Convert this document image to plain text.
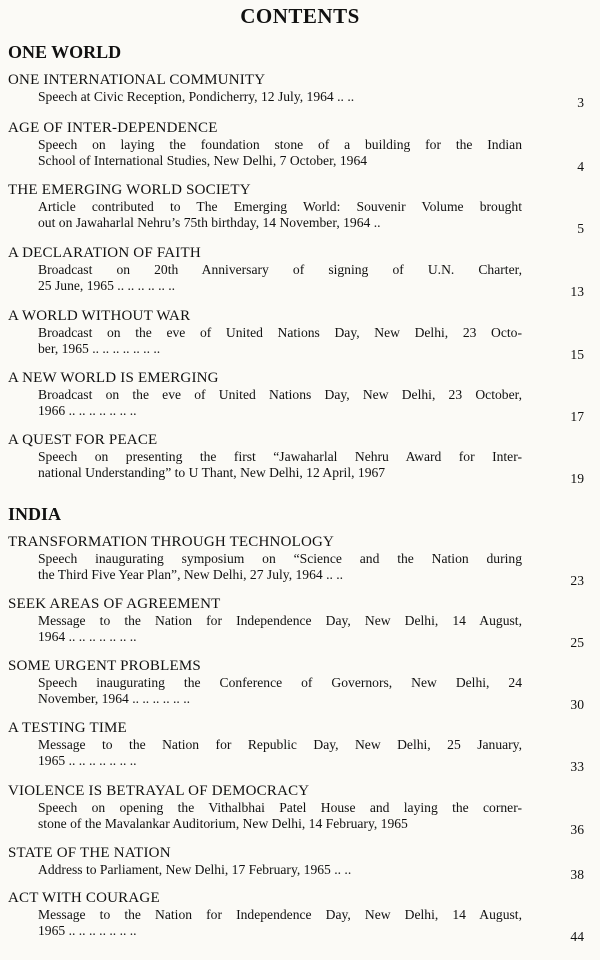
CONTENTS
ONE WORLD
ONE INTERNATIONAL COMMUNITY
Speech at Civic Reception, Pondicherry, 12 July, 1964 .. ..	3
AGE OF INTER-DEPENDENCE
Speech on laying the foundation stone of a building for the Indian
School of International Studies, New Delhi, 7 October, 1964	4
THE EMERGING WORLD SOCIETY
Article contributed to The Emerging World: Souvenir Volume brought
out on Jawaharlal Nehru’s 75th birthday, 14 November, 1964 ..	5
A DECLARATION OF FAITH
Broadcast on 20th Anniversary of signing of U.N. Charter,
25 June, 1965 .. .. .. .. .. ..	13
A WORLD WITHOUT WAR
Broadcast on the eve of United Nations Day, New Delhi, 23 Octo-
ber, 1965 .. .. .. .. .. .. ..	15
A NEW WORLD IS EMERGING
Broadcast on the eve of United Nations Day, New Delhi, 23 October,
1966 .. .. .. .. .. .. ..	17
A QUEST FOR PEACE
Speech on presenting the first “Jawaharlal Nehru Award for Inter-
national Understanding” to U Thant, New Delhi, 12 April, 1967	19
INDIA
TRANSFORMATION THROUGH TECHNOLOGY
Speech inaugurating symposium on “Science and the Nation during
the Third Five Year Plan”, New Delhi, 27 July, 1964 .. ..	23
SEEK AREAS OF AGREEMENT
Message to the Nation for Independence Day, New Delhi, 14 August,
1964 .. .. .. .. .. .. ..	25
SOME URGENT PROBLEMS
Speech inaugurating the Conference of Governors, New Delhi, 24
November, 1964 .. .. .. .. .. ..	30
A TESTING TIME
Message to the Nation for Republic Day, New Delhi, 25 January,
1965 .. .. .. .. .. .. ..	33
VIOLENCE IS BETRAYAL OF DEMOCRACY
Speech on opening the Vithalbhai Patel House and laying the corner-
stone of the Mavalankar Auditorium, New Delhi, 14 February, 1965	36
STATE OF THE NATION
Address to Parliament, New Delhi, 17 February, 1965 .. ..	38
ACT WITH COURAGE
Message to the Nation for Independence Day, New Delhi, 14 August,
1965 .. .. .. .. .. .. ..	44
